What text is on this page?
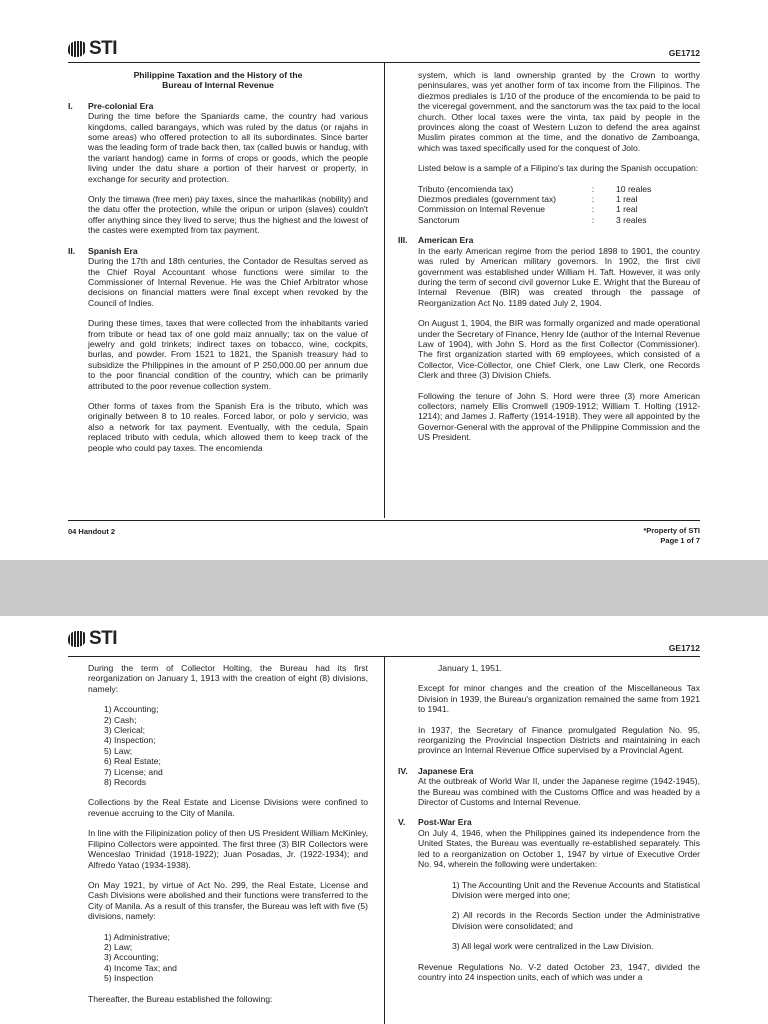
STI	GE1712
Philippine Taxation and the History of the
Bureau of Internal Revenue
I.	Pre-colonial Era

During the time before the Spaniards came, the country had various kingdoms, called barangays, which was ruled by the datus (or rajahs in some areas) who offered protection to all its subordinates. Since barter was the leading form of trade back then, tax (called buwis or handug, with the variant handog) came in forms of crops or goods, which the people living under the datu share a portion of their harvest or property, in exchange for security and protection.

Only the timawa (free men) pay taxes, since the maharlikas (nobility) and the datu offer the protection, while the oripun or uripon (slaves) couldn't offer anything since they lived to serve; thus the highest and the lowest of the castes were exempted from tax payment.

II.	Spanish Era

During the 17th and 18th centuries, the Contador de Resultas served as the Chief Royal Accountant whose functions were similar to the Commissioner of Internal Revenue. He was the Chief Arbitrator whose decisions on financial matters were final except when revoked by the Council of Indies.

During these times, taxes that were collected from the inhabitants varied from tribute or head tax of one gold maiz annually; tax on the value of jewelry and gold trinkets; indirect taxes on tobacco, wine, cockpits, burlas, and powder. From 1521 to 1821, the Spanish treasury had to subsidize the Philippines in the amount of P 250,000.00 per annum due to the poor financial condition of the country, which can be primarily attributed to the poor revenue collection system.

Other forms of taxes from the Spanish Era is the tributo, which was originally between 8 to 10 reales. Forced labor, or polo y servicio, was also a network for tax payment. Eventually, with the cedula, Spain replaced tributo with cedula, which allowed them to keep track of the people who could pay taxes. The encomienda

system, which is land ownership granted by the Crown to worthy peninsulares, was yet another form of tax income from the Filipinos. The diezmos prediales is 1/10 of the produce of the encomienda to be paid to the viceregal government, and the sanctorum was the tax paid to the local church. Other local taxes were the vinta, tax paid by people in the provinces along the coast of Western Luzon to defend the area against Muslim pirates common at the time, and the donativo de Zamboanga, which was taxed specifically used for the conquest of Jolo.

Listed below is a sample of a Filipino's tax during the Spanish occupation:

Tributo (encomienda tax)	:	10 reales
Diezmos prediales (government tax)	:	1 real
Commission on Internal Revenue	:	1 real
Sanctorum	:	3 reales
III.	American Era

In the early American regime from the period 1898 to 1901, the country was ruled by American military governors. In 1902, the first civil government was established under William H. Taft. However, it was only during the term of second civil governor Luke E. Wright that the Bureau of Internal Revenue (BIR) was created through the passage of Reorganization Act No. 1189 dated July 2, 1904.

On August 1, 1904, the BIR was formally organized and made operational under the Secretary of Finance, Henry Ide (author of the Internal Revenue Law of 1904), with John S. Hord as the first Collector (Commissioner). The first organization started with 69 employees, which consisted of a Collector, Vice-Collector, one Chief Clerk, one Law Clerk, one Records Clerk and three (3) Division Chiefs.

Following the tenure of John S. Hord were three (3) more American collectors, namely Ellis Cromwell (1909-1912; William T. Holting (1912-1214); and James J. Rafferty (1914-1918). They were all appointed by the Governor-General with the approval of the Philippine Commission and the US President.

04 Handout 2	*Property of STI
Page 1 of 7
STI	GE1712

During the term of Collector Holting, the Bureau had its first reorganization on January 1, 1913 with the creation of eight (8) divisions, namely:

1) Accounting;
2) Cash;
3) Clerical;
4) Inspection;
5) Law;
6) Real Estate;
7) License; and
8) Records

Collections by the Real Estate and License Divisions were confined to revenue accruing to the City of Manila.

In line with the Filipinization policy of then US President William McKinley, Filipino Collectors were appointed. The first three (3) BIR Collectors were Wenceslao Trinidad (1918-1922); Juan Posadas, Jr. (1922-1934); and Alfredo Yatao (1934-1938).

On May 1921, by virtue of Act No. 299, the Real Estate, License and Cash Divisions were abolished and their functions were transferred to the City of Manila. As a result of this transfer, the Bureau was left with five (5) divisions, namely:

1) Administrative;
2) Law;
3) Accounting;
4) Income Tax; and
5) Inspection

Thereafter, the Bureau established the following:

January 1, 1951.

Except for minor changes and the creation of the Miscellaneous Tax Division in 1939, the Bureau's organization remained the same from 1921 to 1941.

In 1937, the Secretary of Finance promulgated Regulation No. 95, reorganizing the Provincial Inspection Districts and maintaining in each province an Internal Revenue Office supervised by a Provincial Agent.

IV.	Japanese Era

At the outbreak of World War II, under the Japanese regime (1942-1945), the Bureau was combined with the Customs Office and was headed by a Director of Customs and Internal Revenue.

V.	Post-War Era

On July 4, 1946, when the Philippines gained its independence from the United States, the Bureau was eventually re-established separately. This led to a reorganization on October 1, 1947 by virtue of Executive Order No. 94, wherein the following were undertaken:

1) The Accounting Unit and the Revenue Accounts and Statistical Division were merged into one;

2) All records in the Records Section under the Administrative Division were consolidated; and

3) All legal work were centralized in the Law Division.

Revenue Regulations No. V-2 dated October 23, 1947, divided the country into 24 inspection units, each of which was under a
